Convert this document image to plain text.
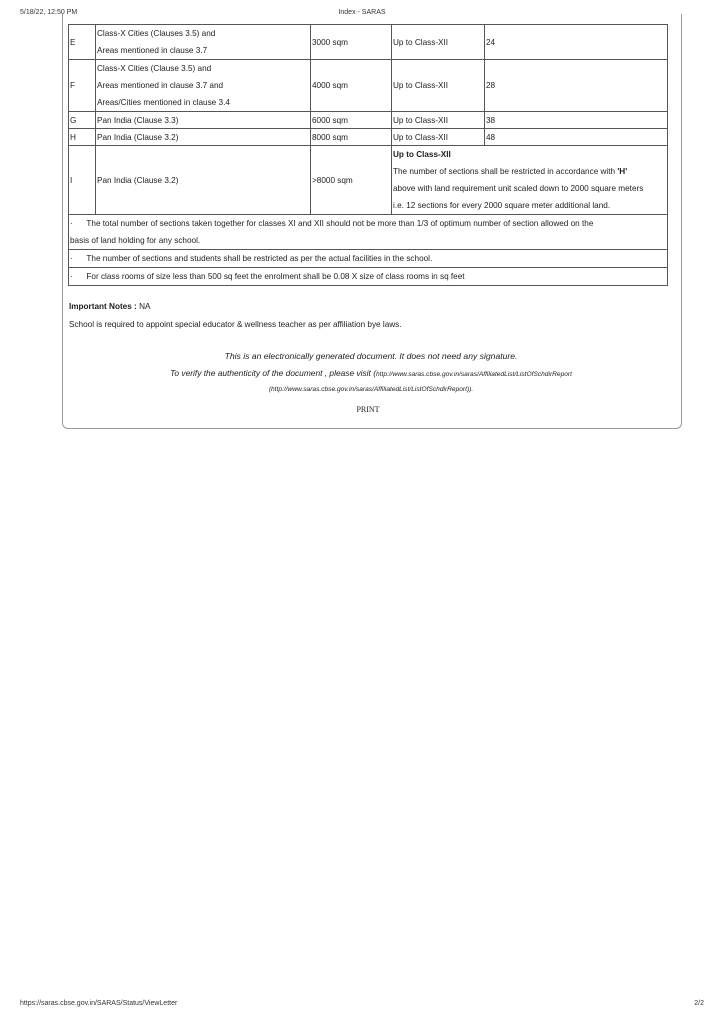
5/18/22, 12:50 PM	Index - SARAS
E	Class-X Cities (Clauses 3.5) and
Areas mentioned in clause 3.7	3000 sqm	Up to Class-XII	24
F	Class-X Cities (Clause 3.5) and
Areas mentioned in clause 3.7 and
Areas/Cities mentioned in clause 3.4	4000 sqm	Up to Class-XII	28
G	Pan India (Clause 3.3)	6000 sqm	Up to Class-XII	38
H	Pan India (Clause 3.2)	8000 sqm	Up to Class-XII	48
I	Pan India (Clause 3.2)	>8000 sqm	Up to Class-XII
The number of sections shall be restricted in accordance with 'H'
above with land requirement unit scaled down to 2000 square meters
i.e. 12 sections for every 2000 square meter additional land.	

· The total number of sections taken together for classes XI and XII should not be more than 1/3 of optimum number of section allowed on the
basis of land holding for any school.				

· The number of sections and students shall be restricted as per the actual facilities in the school.				
· For class rooms of size less than 500 sq feet the enrolment shall be 0.08 X size of class rooms in sq feet				
Important Notes : NA
School is required to appoint special educator & wellness teacher as per affiliation bye laws.
This is an electronically generated document. It does not need any signature.
To verify the authenticity of the document , please visit (http://www.saras.cbse.gov.in/saras/AffiliatedList/ListOfSchdirReport
(http://www.saras.cbse.gov.in/saras/AffiliatedList/ListOfSchdirReport)).
PRINT
https://saras.cbse.gov.in/SARAS/Status/ViewLetter	2/2
